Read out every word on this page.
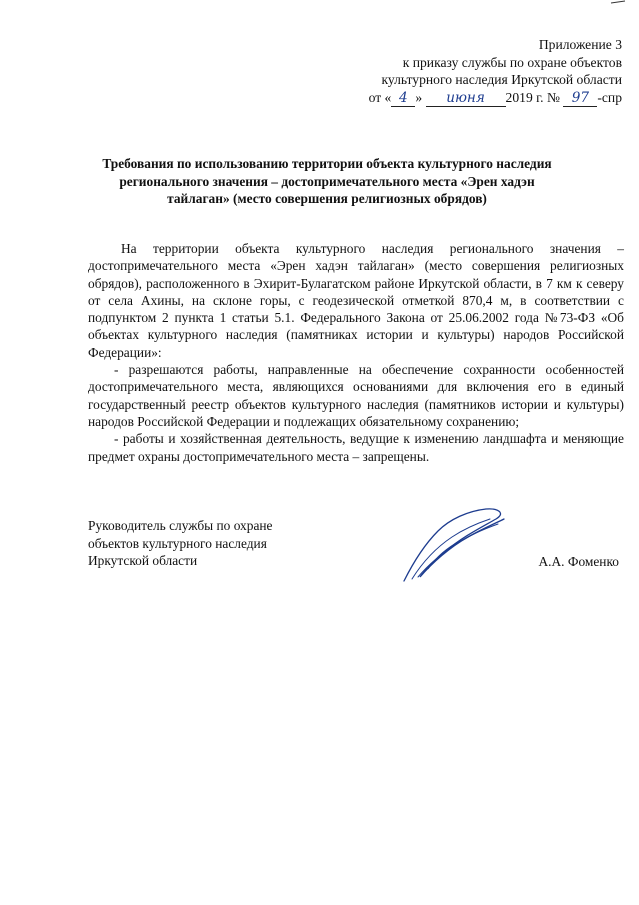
Приложение 3
к приказу службы по охране объектов
культурного наследия Иркутской области
от « 4 » июня 2019 г. № 97 -спр
Требования по использованию территории объекта культурного наследия
регионального значения – достопримечательного места «Эрен хадэн
тайлаган» (место совершения религиозных обрядов)

На территории объекта культурного наследия регионального значения – достопримечательного места «Эрен хадэн тайлаган» (место совершения религиозных обрядов), расположенного в Эхирит-Булагатском районе Иркутской области, в 7 км к северу от села Ахины, на склоне горы, с геодезической отметкой 870,4 м, в соответствии с подпунктом 2 пункта 1 статьи 5.1. Федерального Закона от 25.06.2002 года №73-ФЗ «Об объектах культурного наследия (памятниках истории и культуры) народов Российской Федерации»:

- разрешаются работы, направленные на обеспечение сохранности особенностей достопримечательного места, являющихся основаниями для включения его в единый государственный реестр объектов культурного наследия (памятников истории и культуры) народов Российской Федерации и подлежащих обязательному сохранению;

- работы и хозяйственная деятельность, ведущие к изменению ландшафта и меняющие предмет охраны достопримечательного места – запрещены.

Руководитель службы по охране
объектов культурного наследия
Иркутской области	А.А. Фоменко
